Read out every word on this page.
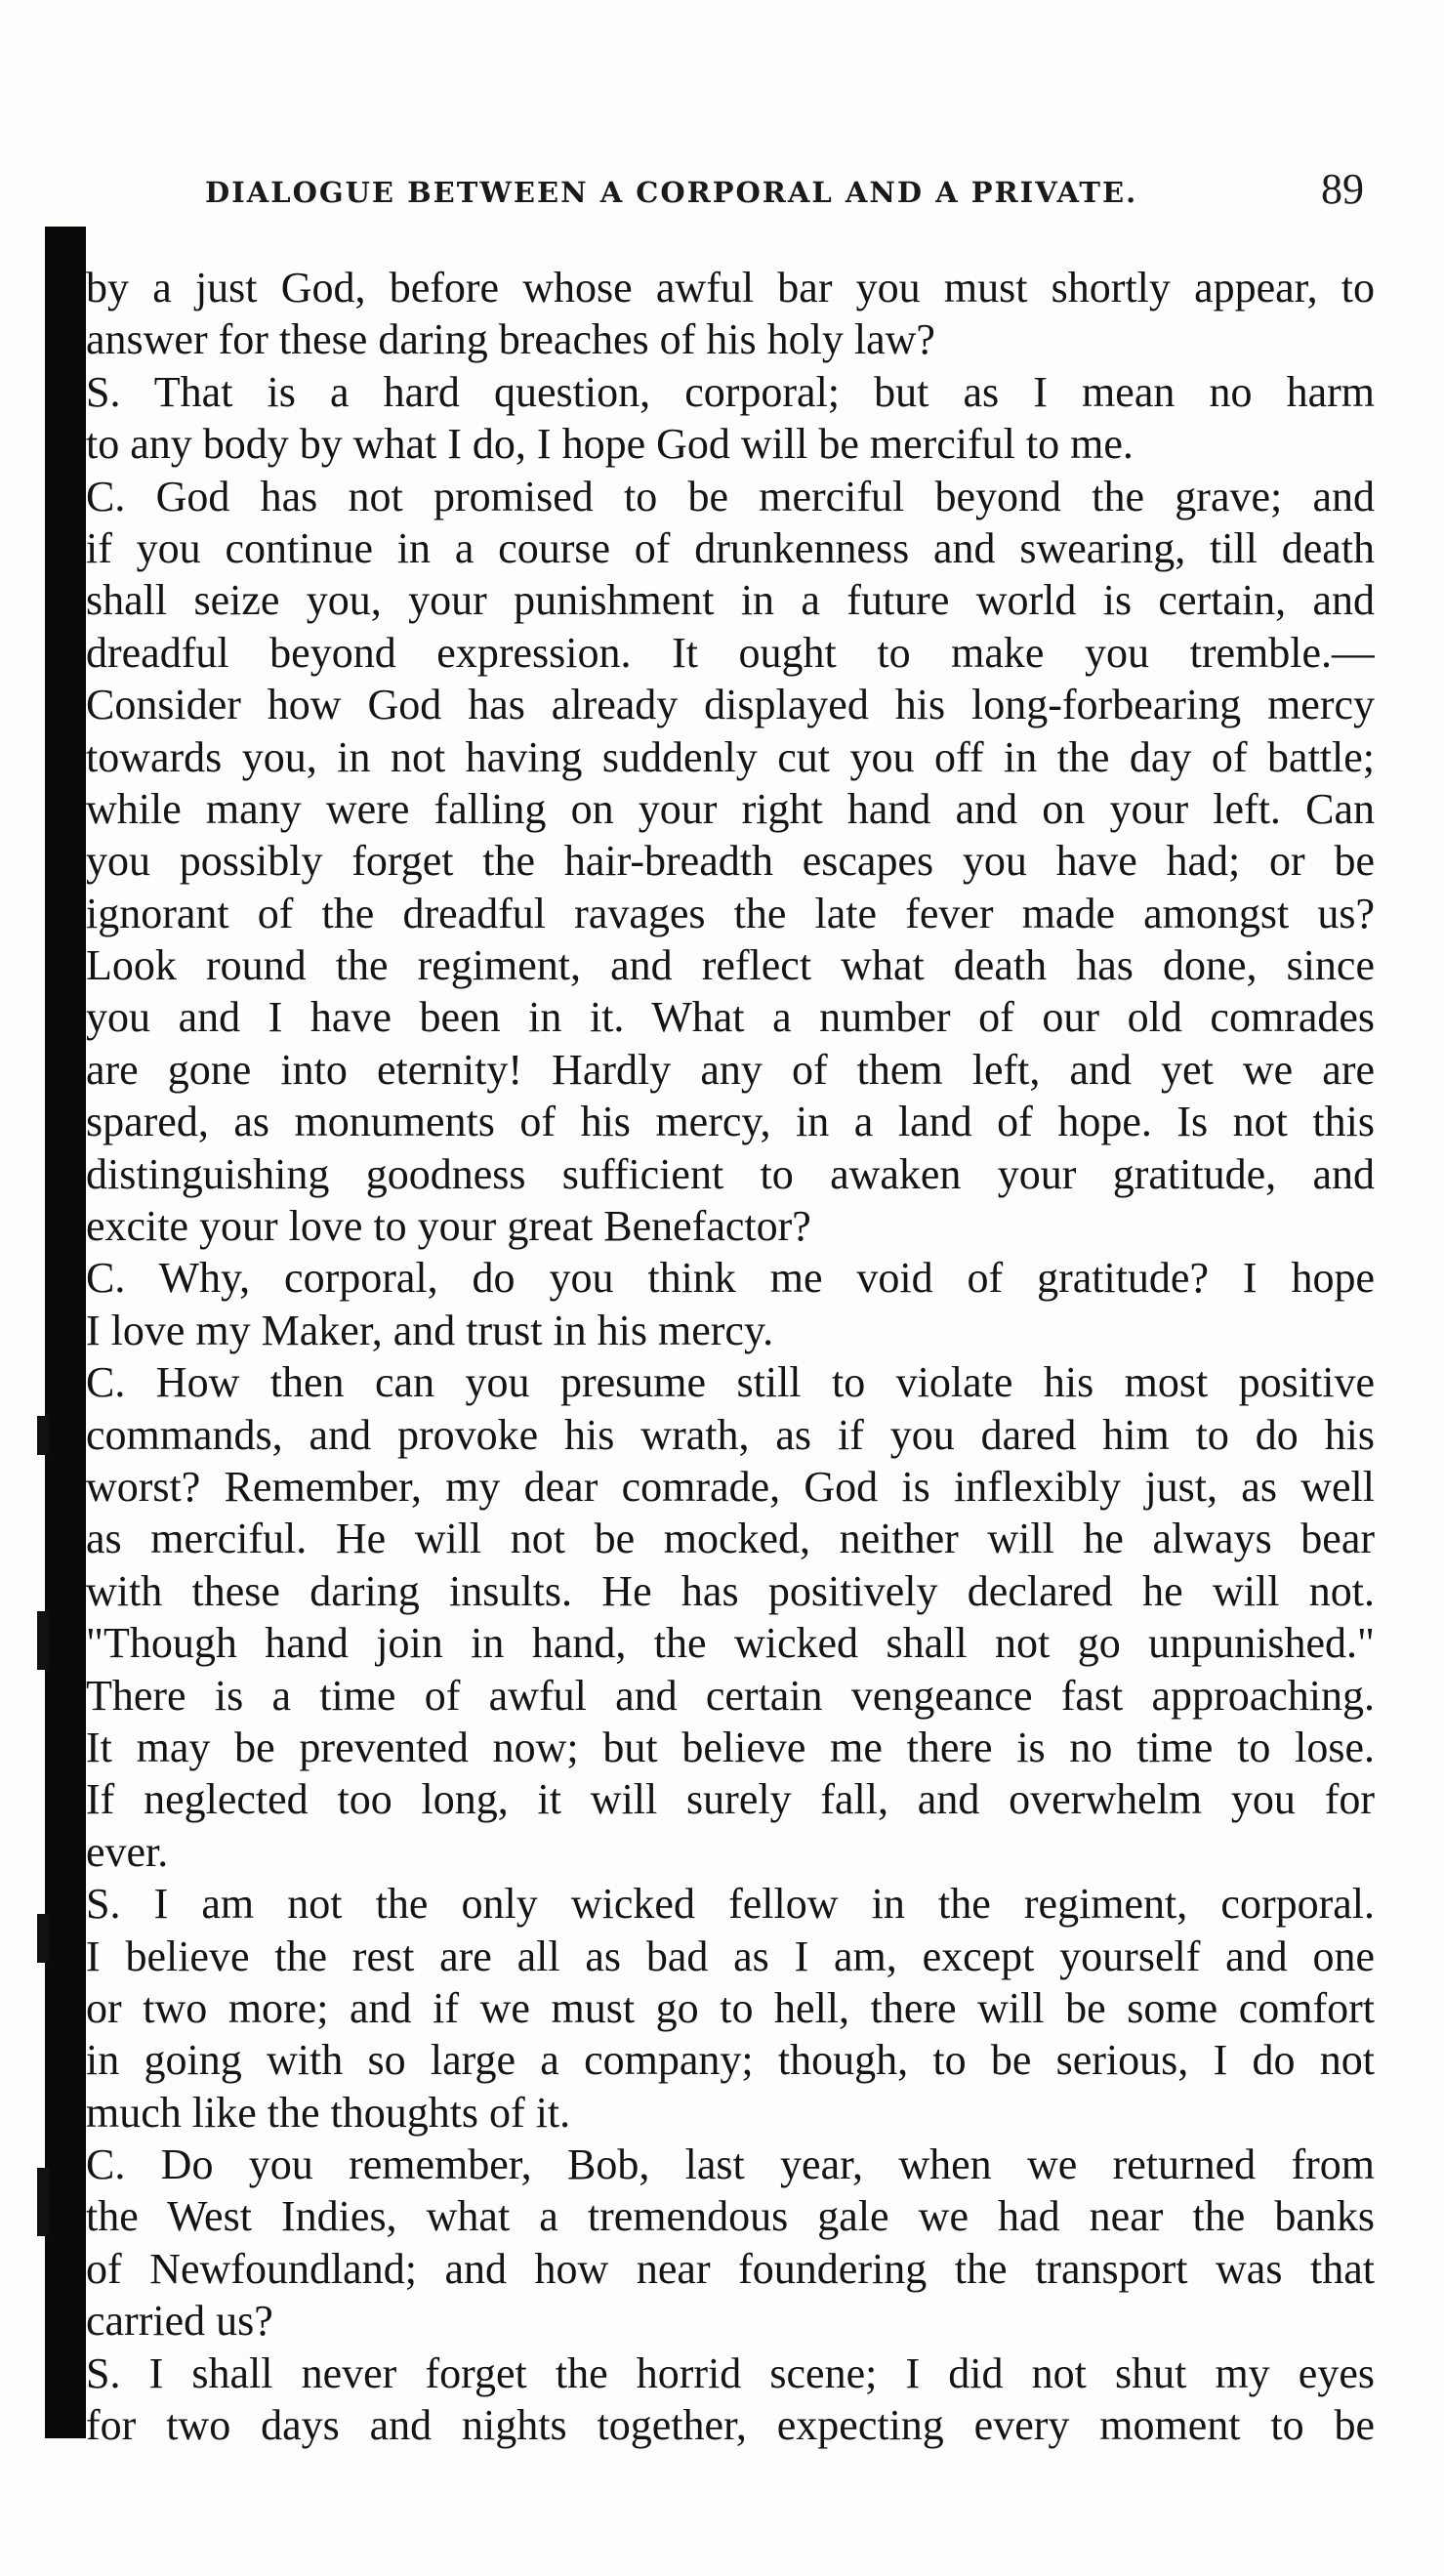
DIALOGUE BETWEEN A CORPORAL AND A PRIVATE.	89
by a just God, before whose awful bar you must shortly appear, to
answer for these daring breaches of his holy law?
S. That is a hard question, corporal; but as I mean no harm
to any body by what I do, I hope God will be merciful to me.
C. God has not promised to be merciful beyond the grave; and
if you continue in a course of drunkenness and swearing, till death
shall seize you, your punishment in a future world is certain, and
dreadful beyond expression. It ought to make you tremble.—
Consider how God has already displayed his long-forbearing mercy
towards you, in not having suddenly cut you off in the day of battle;
while many were falling on your right hand and on your left. Can
you possibly forget the hair-breadth escapes you have had; or be
ignorant of the dreadful ravages the late fever made amongst us?
Look round the regiment, and reflect what death has done, since
you and I have been in it. What a number of our old comrades
are gone into eternity! Hardly any of them left, and yet we are
spared, as monuments of his mercy, in a land of hope. Is not this
distinguishing goodness sufficient to awaken your gratitude, and
excite your love to your great Benefactor?
C. Why, corporal, do you think me void of gratitude? I hope
I love my Maker, and trust in his mercy.
C. How then can you presume still to violate his most positive
commands, and provoke his wrath, as if you dared him to do his
worst? Remember, my dear comrade, God is inflexibly just, as well
as merciful. He will not be mocked, neither will he always bear
with these daring insults. He has positively declared he will not.
"Though hand join in hand, the wicked shall not go unpunished."
There is a time of awful and certain vengeance fast approaching.
It may be prevented now; but believe me there is no time to lose.
If neglected too long, it will surely fall, and overwhelm you for
ever.
S. I am not the only wicked fellow in the regiment, corporal.
I believe the rest are all as bad as I am, except yourself and one
or two more; and if we must go to hell, there will be some comfort
in going with so large a company; though, to be serious, I do not
much like the thoughts of it.
C. Do you remember, Bob, last year, when we returned from
the West Indies, what a tremendous gale we had near the banks
of Newfoundland; and how near foundering the transport was that
carried us?
S. I shall never forget the horrid scene; I did not shut my eyes
for two days and nights together, expecting every moment to be
